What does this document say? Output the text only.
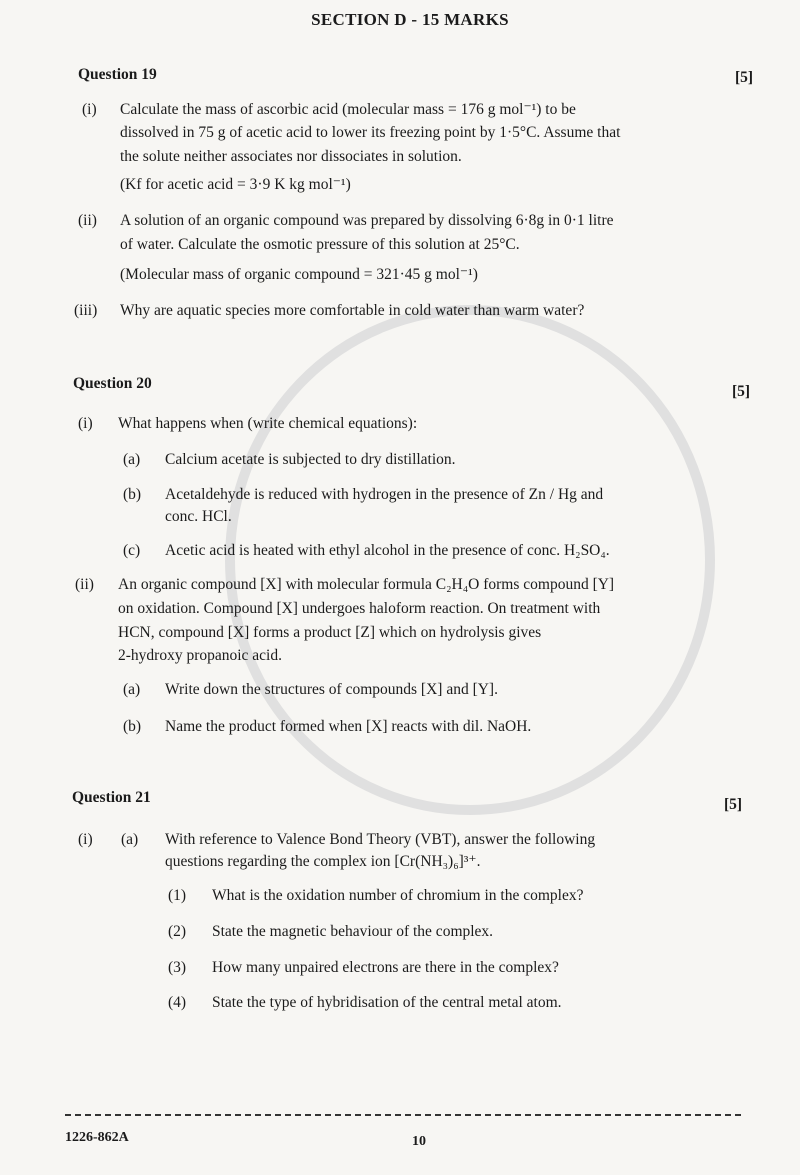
SECTION D - 15 MARKS
Question 19	[5]
(i) Calculate the mass of ascorbic acid (molecular mass = 176 g mol⁻¹) to be
dissolved in 75 g of acetic acid to lower its freezing point by 1·5°C. Assume that
the solute neither associates nor dissociates in solution.
(Kf for acetic acid = 3·9 K kg mol⁻¹)
(ii) A solution of an organic compound was prepared by dissolving 6·8g in 0·1 litre
of water. Calculate the osmotic pressure of this solution at 25°C.
(Molecular mass of organic compound = 321·45 g mol⁻¹)
(iii) Why are aquatic species more comfortable in cold water than warm water?
Question 20	[5]
(i) What happens when (write chemical equations):
(a) Calcium acetate is subjected to dry distillation.
(b) Acetaldehyde is reduced with hydrogen in the presence of Zn / Hg and
conc. HCl.
(c) Acetic acid is heated with ethyl alcohol in the presence of conc. H₂SO₄.
(ii) An organic compound [X] with molecular formula C₂H₄O forms compound [Y]
on oxidation. Compound [X] undergoes haloform reaction. On treatment with
HCN, compound [X] forms a product [Z] which on hydrolysis gives
2-hydroxy propanoic acid.
(a) Write down the structures of compounds [X] and [Y].
(b) Name the product formed when [X] reacts with dil. NaOH.
Question 21	[5]
(i) (a) With reference to Valence Bond Theory (VBT), answer the following
questions regarding the complex ion [Cr(NH₃)₆]³⁺.
(1) What is the oxidation number of chromium in the complex?
(2) State the magnetic behaviour of the complex.
(3) How many unpaired electrons are there in the complex?
(4) State the type of hybridisation of the central metal atom.
1226-862A	10
